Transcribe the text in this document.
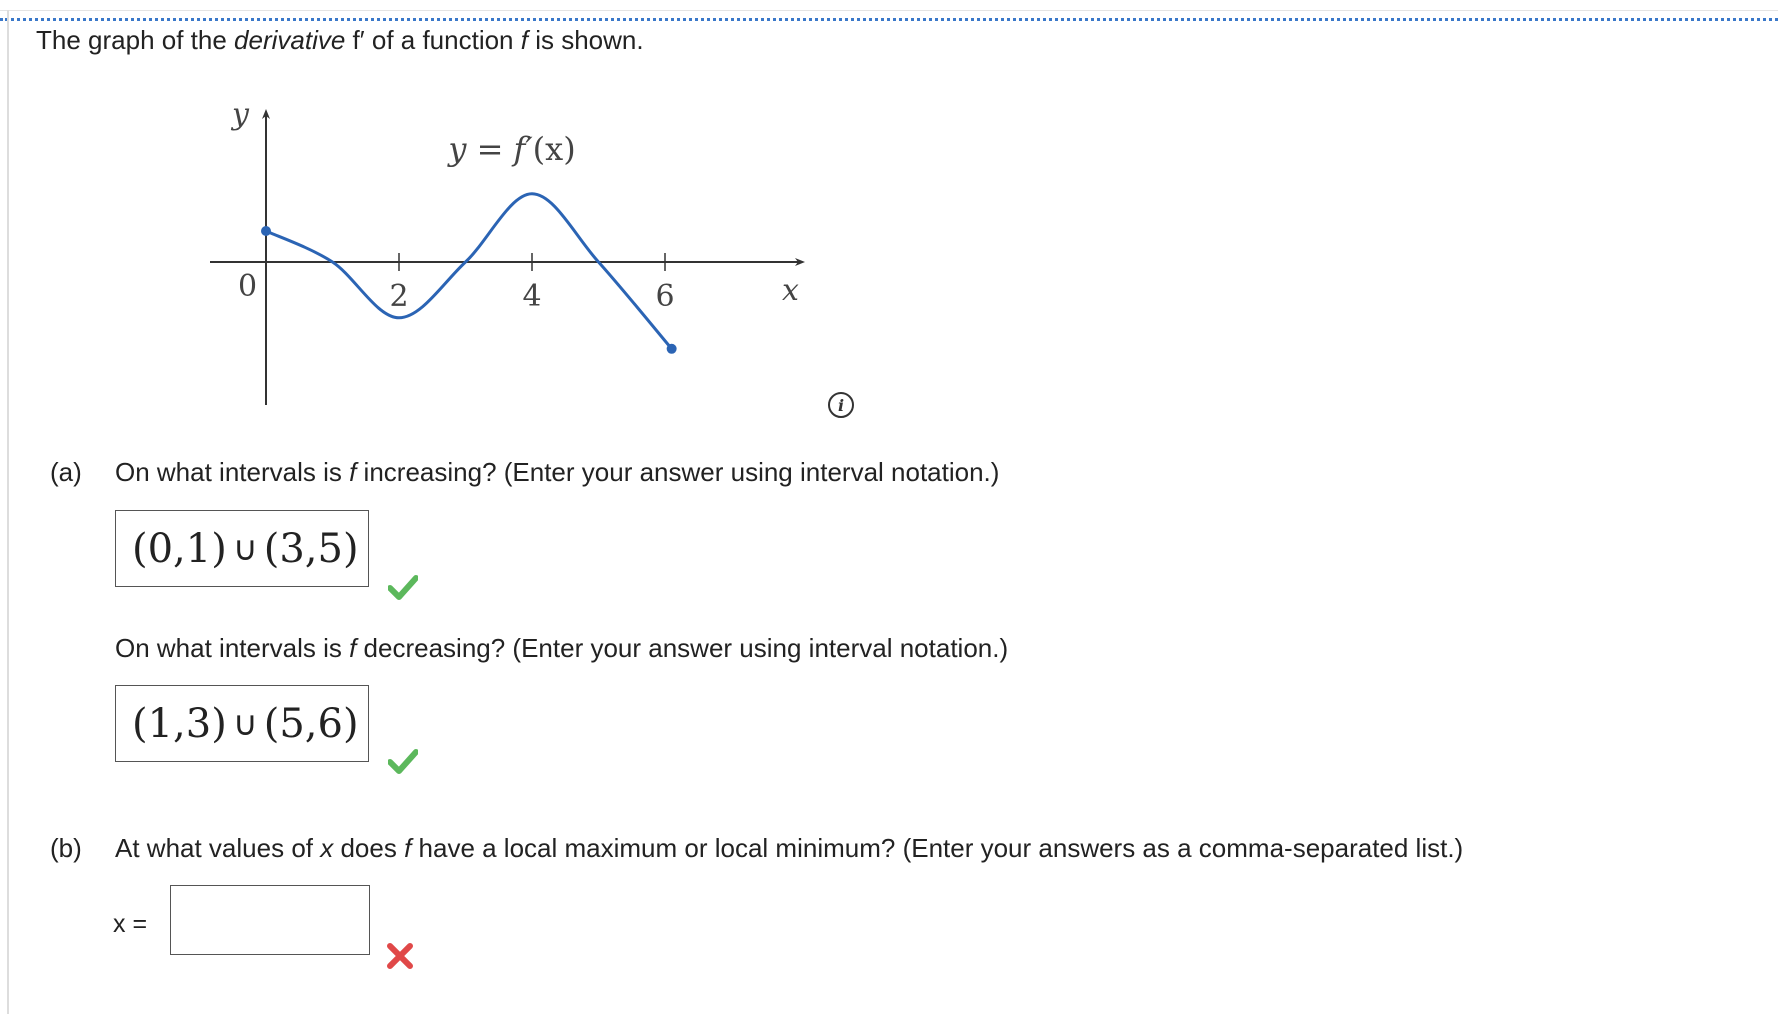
The graph of the derivative f′ of a function f is shown.
2	4	6
y
x
0
y = f′(x)
i
(a) On what intervals is f increasing? (Enter your answer using interval notation.)
(0,1) ∪ (3,5)
On what intervals is f decreasing? (Enter your answer using interval notation.)
(1,3) ∪ (5,6)
(b) At what values of x does f have a local maximum or local minimum? (Enter your answers as a comma-separated list.)
x =
